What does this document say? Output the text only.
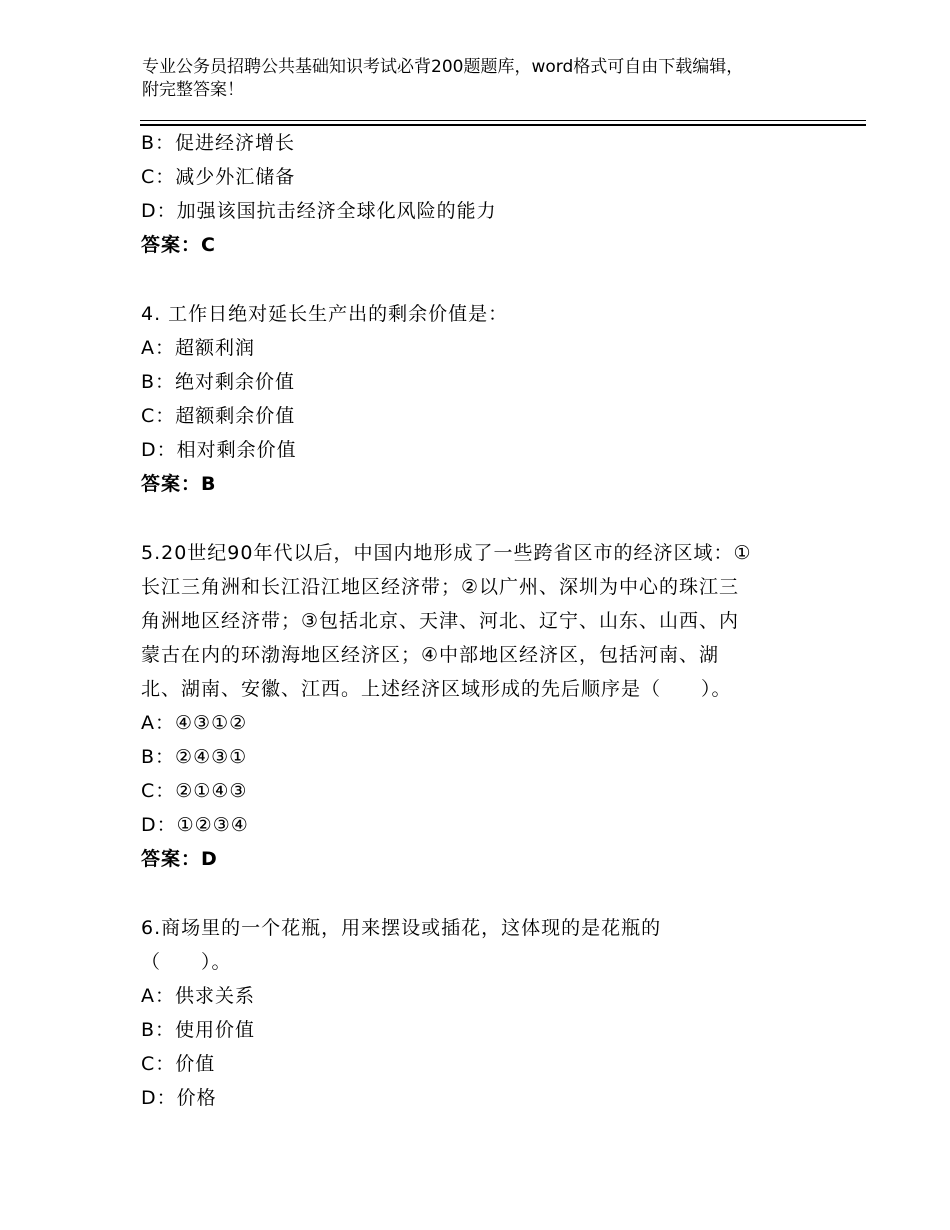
专业公务员招聘公共基础知识考试必背200题题库，word格式可自由下载编辑，
附完整答案！
B：促进经济增长
C：减少外汇储备
D：加强该国抗击经济全球化风险的能力
答案：C
4. 工作日绝对延长生产出的剩余价值是：
A：超额利润
B：绝对剩余价值
C：超额剩余价值
D：相对剩余价值
答案：B
5.20世纪90年代以后，中国内地形成了一些跨省区市的经济区域：①
长江三角洲和长江沿江地区经济带；②以广州、深圳为中心的珠江三
角洲地区经济带；③包括北京、天津、河北、辽宁、山东、山西、内
蒙古在内的环渤海地区经济区；④中部地区经济区，包括河南、湖
北、湖南、安徽、江西。上述经济区域形成的先后顺序是（　　）。
A：④③①②
B：②④③①
C：②①④③
D：①②③④
答案：D
6.商场里的一个花瓶，用来摆设或插花，这体现的是花瓶的
（　　）。
A：供求关系
B：使用价值
C：价值
D：价格
